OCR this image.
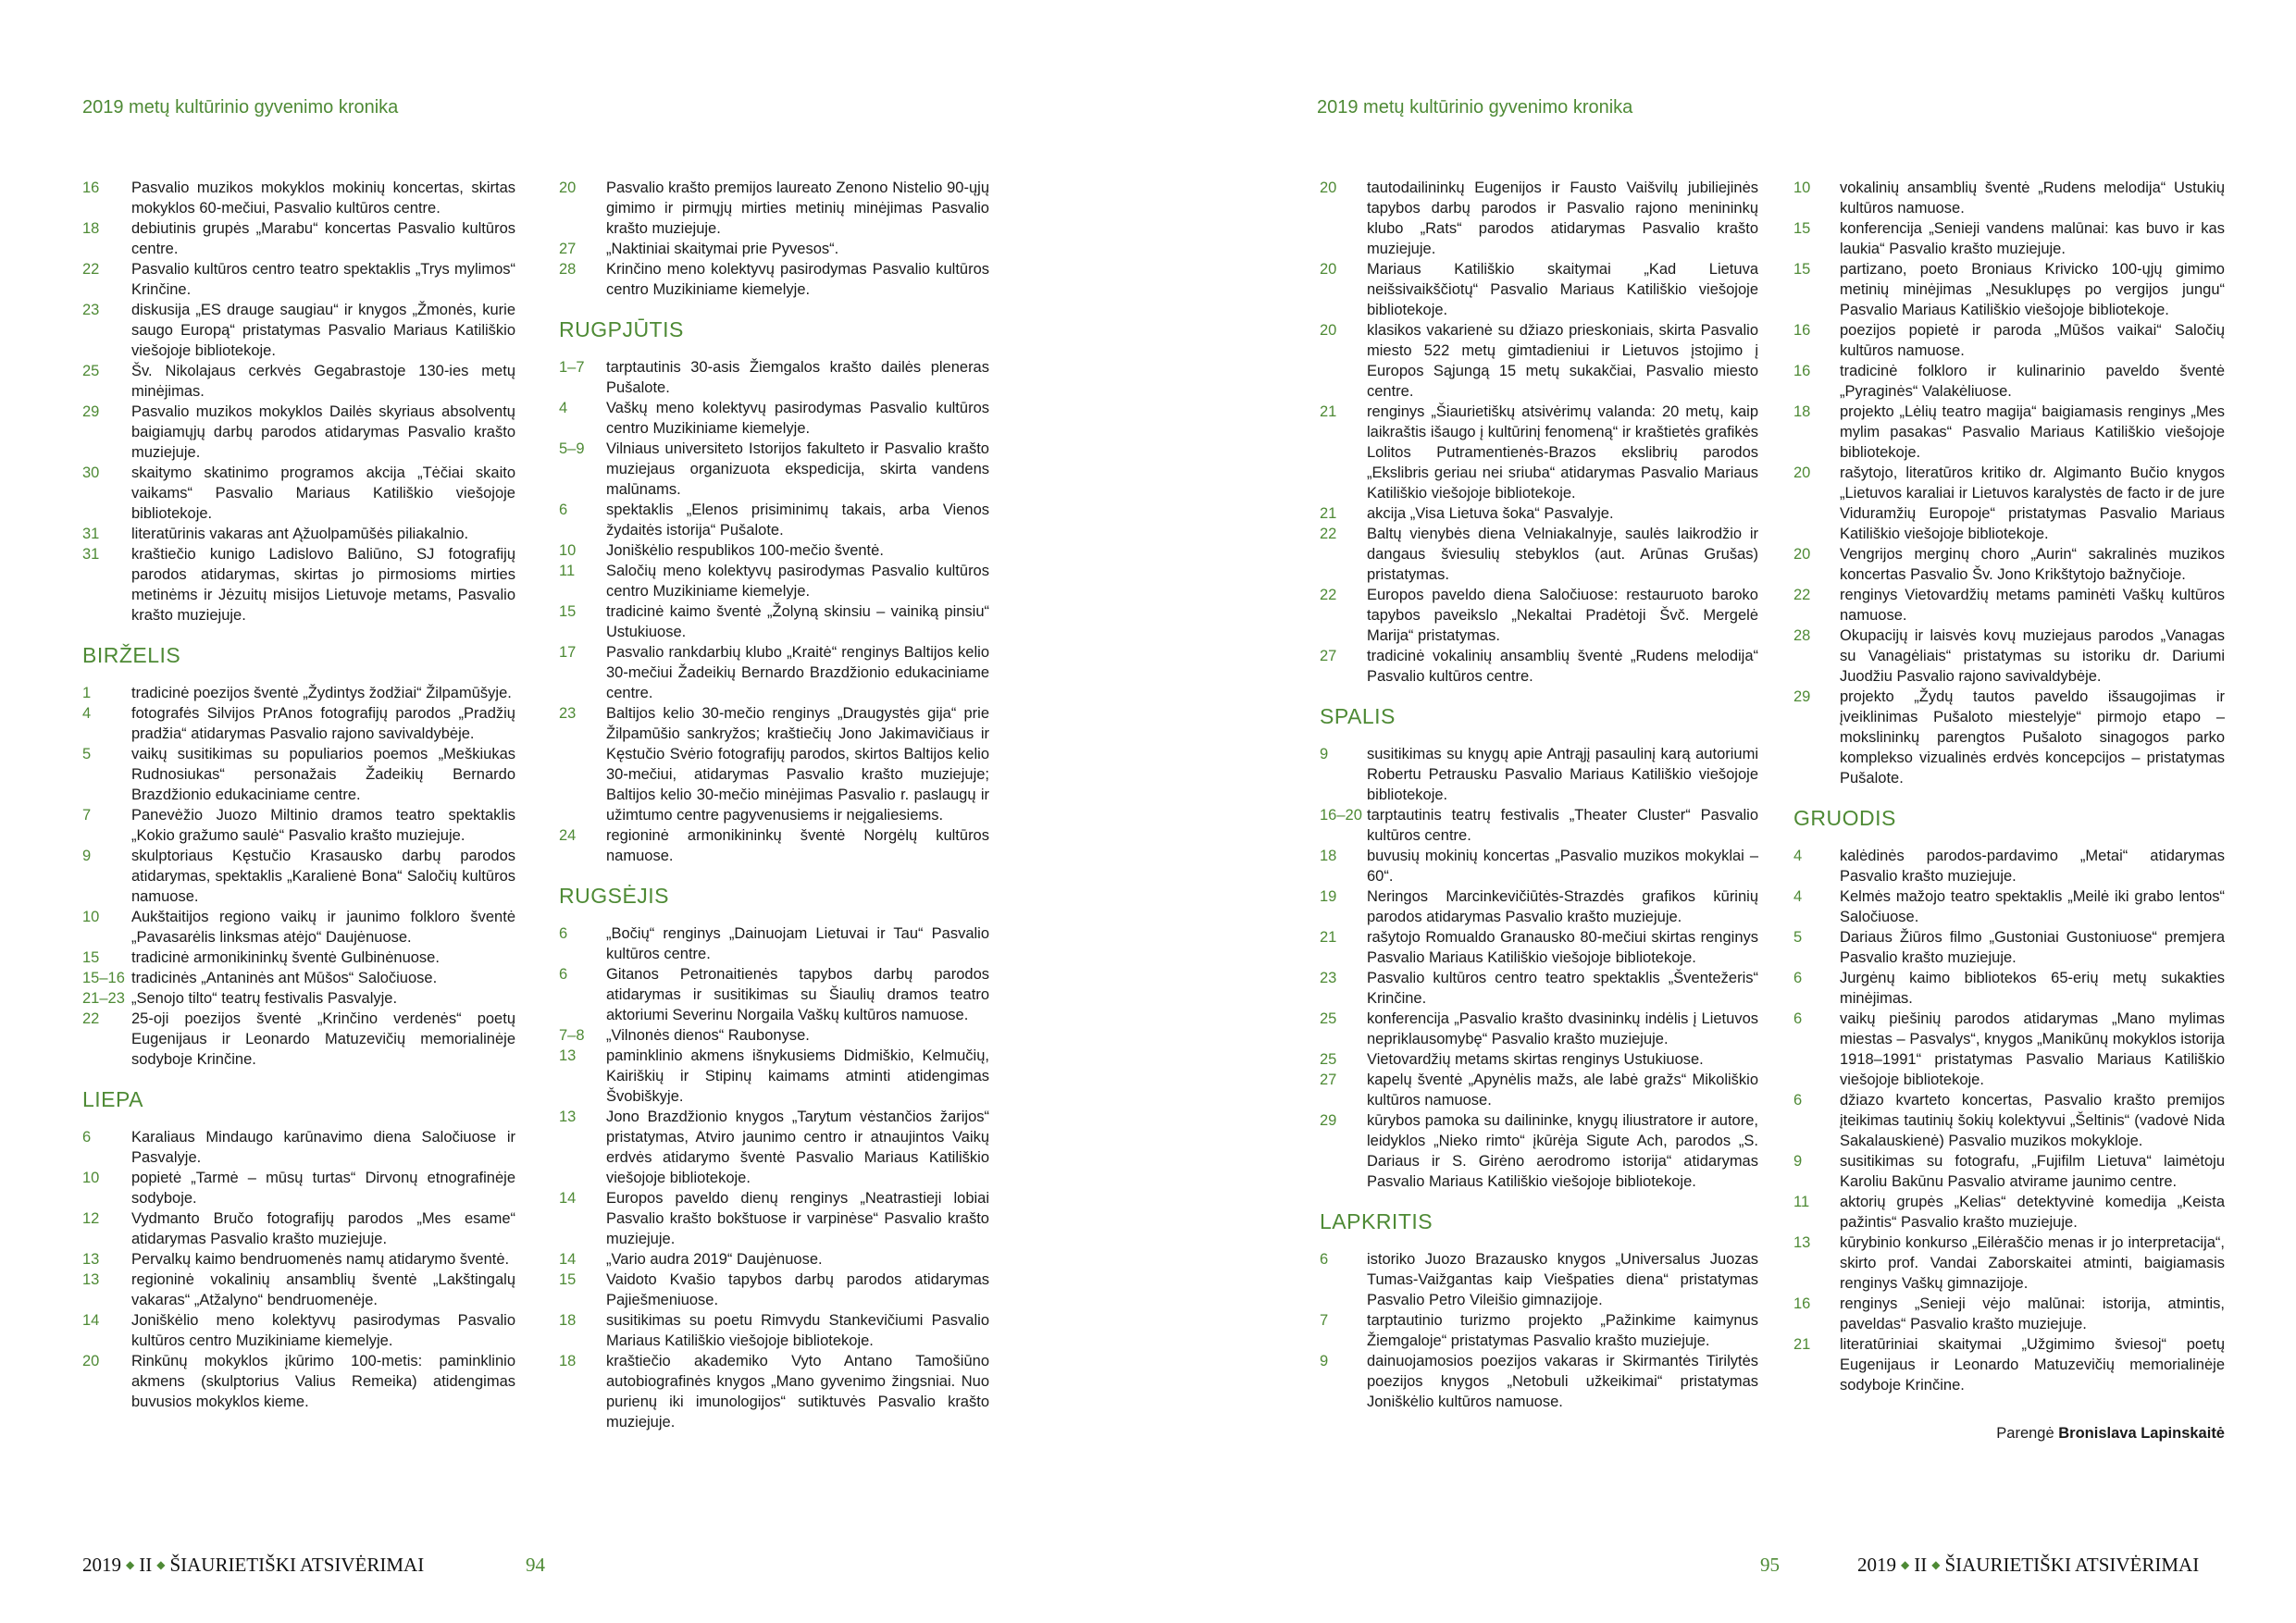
2019 metų kultūrinio gyvenimo kronika	2019 metų kultūrinio gyvenimo kronika
16	Pasvalio muzikos mokyklos mokinių koncertas, skirtas mokyklos 60-mečiui, Pasvalio kultūros centre.
18	debiutinis grupės „Marabu“ koncertas Pasvalio kultūros centre.
22	Pasvalio kultūros centro teatro spektaklis „Trys mylimos“ Krinčine.
23	diskusija „ES drauge saugiau“ ir knygos „Žmonės, kurie saugo Europą“ pristatymas Pasvalio Mariaus Katiliškio viešojoje bibliotekoje.
25	Šv. Nikolajaus cerkvės Gegabrastoje 130-ies metų minėjimas.
29	Pasvalio muzikos mokyklos Dailės skyriaus absolventų baigiamųjų darbų parodos atidarymas Pasvalio krašto muziejuje.
30	skaitymo skatinimo programos akcija „Tėčiai skaito vaikams“ Pasvalio Mariaus Katiliškio viešojoje bibliotekoje.
31	literatūrinis vakaras ant Ąžuolpamūšės piliakalnio.
31	kraštiečio kunigo Ladislovo Baliūno, SJ fotografijų parodos atidarymas, skirtas jo pirmosioms mirties metinėms ir Jėzuitų misijos Lietuvoje metams, Pasvalio krašto muziejuje.
BIRŽELIS
1	tradicinė poezijos šventė „Žydintys žodžiai“ Žilpamūšyje.
4	fotografės Silvijos PrAnos fotografijų parodos „Pradžių pradžia“ atidarymas Pasvalio rajono savivaldybėje.
5	vaikų susitikimas su populiarios poemos „Meškiukas Rudnosiukas“ personažais Žadeikių Bernardo Brazdžionio edukaciniame centre.
7	Panevėžio Juozo Miltinio dramos teatro spektaklis „Kokio gražumo saulė“ Pasvalio krašto muziejuje.
9	skulptoriaus Kęstučio Krasausko darbų parodos atidarymas, spektaklis „Karalienė Bona“ Saločių kultūros namuose.
10	Aukštaitijos regiono vaikų ir jaunimo folkloro šventė „Pavasarėlis linksmas atėjo“ Daujėnuose.
15	tradicinė armonikininkų šventė Gulbinėnuose.
15–16 tradicinės „Antaninės ant Mūšos“ Saločiuose.
21–23 „Senojo tilto“ teatrų festivalis Pasvalyje.
22	25-oji poezijos šventė „Krinčino verdenės“ poetų Eugenijaus ir Leonardo Matuzevičių memorialinėje sodyboje Krinčine.
LIEPA
6	Karaliaus Mindaugo karūnavimo diena Saločiuose ir Pasvalyje.
10	popietė „Tarmė – mūsų turtas“ Dirvonų etnografinėje sodyboje.
12	Vydmanto Bručo fotografijų parodos „Mes esame“ atidarymas Pasvalio krašto muziejuje.
13	Pervalkų kaimo bendruomenės namų atidarymo šventė.
13	regioninė vokalinių ansamblių šventė „Lakštingalų vakaras“ „Atžalyno“ bendruomenėje.
14	Joniškėlio meno kolektyvų pasirodymas Pasvalio kultūros centro Muzikiniame kiemelyje.
20	Rinkūnų mokyklos įkūrimo 100-metis: paminklinio akmens (skulptorius Valius Remeika) atidengimas buvusios mokyklos kieme.
20	Pasvalio krašto premijos laureato Zenono Nistelio 90-ųjų gimimo ir pirmųjų mirties metinių minėjimas Pasvalio krašto muziejuje.
27	„Naktiniai skaitymai prie Pyvesos“.
28	Krinčino meno kolektyvų pasirodymas Pasvalio kultūros centro Muzikiniame kiemelyje.
RUGPJŪTIS
1–7	tarptautinis 30-asis Žiemgalos krašto dailės pleneras Pušalote.
4	Vaškų meno kolektyvų pasirodymas Pasvalio kultūros centro Muzikiniame kiemelyje.
5–9	Vilniaus universiteto Istorijos fakulteto ir Pasvalio krašto muziejaus organizuota ekspedicija, skirta vandens malūnams.
6	spektaklis „Elenos prisiminimų takais, arba Vienos žydaitės istorija“ Pušalote.
10	Joniškėlio respublikos 100-mečio šventė.
11	Saločių meno kolektyvų pasirodymas Pasvalio kultūros centro Muzikiniame kiemelyje.
15	tradicinė kaimo šventė „Žolyną skinsiu – vainiką pinsiu“ Ustukiuose.
17	Pasvalio rankdarbių klubo „Kraitė“ renginys Baltijos kelio 30-mečiui Žadeikių Bernardo Brazdžionio edukaciniame centre.
23	Baltijos kelio 30-mečio renginys „Draugystės gija“ prie Žilpamūšio sankryžos; kraštiečių Jono Jakimavičiaus ir Kęstučio Svėrio fotografijų parodos, skirtos Baltijos kelio 30-mečiui, atidarymas Pasvalio krašto muziejuje; Baltijos kelio 30-mečio minėjimas Pasvalio r. paslaugų ir užimtumo centre pagyvenusiems ir neįgaliesiems.
24	regioninė armonikininkų šventė Norgėlų kultūros namuose.
RUGSĖJIS
6	„Bočių“ renginys „Dainuojam Lietuvai ir Tau“ Pasvalio kultūros centre.
6	Gitanos Petronaitienės tapybos darbų parodos atidarymas ir susitikimas su Šiaulių dramos teatro aktoriumi Severinu Norgaila Vaškų kultūros namuose.
7–8	„Vilnonės dienos“ Raubonyse.
13	paminklinio akmens išnykusiems Didmiškio, Kelmučių, Kairiškių ir Stipinų kaimams atminti atidengimas Švobiškyje.
13	Jono Brazdžionio knygos „Tarytum vėstančios žarijos“ pristatymas, Atviro jaunimo centro ir atnaujintos Vaikų erdvės atidarymo šventė Pasvalio Mariaus Katiliškio viešojoje bibliotekoje.
14	Europos paveldo dienų renginys „Neatrastieji lobiai Pasvalio krašto bokštuose ir varpinėse“ Pasvalio krašto muziejuje.
14	„Vario audra 2019“ Daujėnuose.
15	Vaidoto Kvašio tapybos darbų parodos atidarymas Pajiešmeniuose.
18	susitikimas su poetu Rimvydu Stankevičiumi Pasvalio Mariaus Katiliškio viešojoje bibliotekoje.
18	kraštiečio akademiko Vyto Antano Tamošiūno autobiografinės knygos „Mano gyvenimo žingsniai. Nuo purienų iki imunologijos“ sutiktuvės Pasvalio krašto muziejuje.
20	tautodailininkų Eugenijos ir Fausto Vaišvilų jubiliejinės tapybos darbų parodos ir Pasvalio rajono menininkų klubo „Rats“ parodos atidarymas Pasvalio krašto muziejuje.
20	Mariaus Katiliškio skaitymai „Kad Lietuva neišsivaikščiotų“ Pasvalio Mariaus Katiliškio viešojoje bibliotekoje.
20	klasikos vakarienė su džiazo prieskoniais, skirta Pasvalio miesto 522 metų gimtadieniui ir Lietuvos įstojimo į Europos Sąjungą 15 metų sukakčiai, Pasvalio miesto centre.
21	renginys „Šiaurietiškų atsivėrimų valanda: 20 metų, kaip laikraštis išaugo į kultūrinį fenomeną“ ir kraštietės grafikės Lolitos Putramentienės-Brazos ekslibrių parodos „Ekslibris geriau nei sriuba“ atidarymas Pasvalio Mariaus Katiliškio viešojoje bibliotekoje.
21	akcija „Visa Lietuva šoka“ Pasvalyje.
22	Baltų vienybės diena Velniakalnyje, saulės laikrodžio ir dangaus šviesulių stebyklos (aut. Arūnas Grušas) pristatymas.
22	Europos paveldo diena Saločiuose: restauruoto baroko tapybos paveikslo „Nekaltai Pradėtoji Švč. Mergelė Marija“ pristatymas.
27	tradicinė vokalinių ansamblių šventė „Rudens melodija“ Pasvalio kultūros centre.
SPALIS
9	susitikimas su knygų apie Antrąjį pasaulinį karą autoriumi Robertu Petrausku Pasvalio Mariaus Katiliškio viešojoje bibliotekoje.
16–20 tarptautinis teatrų festivalis „Theater Cluster“ Pasvalio kultūros centre.
18	buvusių mokinių koncertas „Pasvalio muzikos mokyklai – 60“.
19	Neringos Marcinkevičiūtės-Strazdės grafikos kūrinių parodos atidarymas Pasvalio krašto muziejuje.
21	rašytojo Romualdo Granausko 80-mečiui skirtas renginys Pasvalio Mariaus Katiliškio viešojoje bibliotekoje.
23	Pasvalio kultūros centro teatro spektaklis „Šventežeris“ Krinčine.
25	konferencija „Pasvalio krašto dvasininkų indėlis į Lietuvos nepriklausomybę“ Pasvalio krašto muziejuje.
25	Vietovardžių metams skirtas renginys Ustukiuose.
27	kapelų šventė „Apynėlis mažs, ale labė gražs“ Mikoliškio kultūros namuose.
29	kūrybos pamoka su dailininke, knygų iliustratore ir autore, leidyklos „Nieko rimto“ įkūrėja Sigute Ach, parodos „S. Dariaus ir S. Girėno aerodromo istorija“ atidarymas Pasvalio Mariaus Katiliškio viešojoje bibliotekoje.
LAPKRITIS
6	istoriko Juozo Brazausko knygos „Universalus Juozas Tumas-Vaižgantas kaip Viešpaties diena“ pristatymas Pasvalio Petro Vileišio gimnazijoje.
7	tarptautinio turizmo projekto „Pažinkime kaimynus Žiemgaloje“ pristatymas Pasvalio krašto muziejuje.
9	dainuojamosios poezijos vakaras ir Skirmantės Tirilytės poezijos knygos „Netobuli užkeikimai“ pristatymas Joniškėlio kultūros namuose.
10	vokalinių ansamblių šventė „Rudens melodija“ Ustukių kultūros namuose.
15	konferencija „Senieji vandens malūnai: kas buvo ir kas laukia“ Pasvalio krašto muziejuje.
15	partizano, poeto Broniaus Krivicko 100-ųjų gimimo metinių minėjimas „Nesuklupęs po vergijos jungu“ Pasvalio Mariaus Katiliškio viešojoje bibliotekoje.
16	poezijos popietė ir paroda „Mūšos vaikai“ Saločių kultūros namuose.
16	tradicinė folkloro ir kulinarinio paveldo šventė „Pyraginės“ Valakėliuose.
18	projekto „Lėlių teatro magija“ baigiamasis renginys „Mes mylim pasakas“ Pasvalio Mariaus Katiliškio viešojoje bibliotekoje.
20	rašytojo, literatūros kritiko dr. Algimanto Bučio knygos „Lietuvos karaliai ir Lietuvos karalystės de facto ir de jure Viduramžių Europoje“ pristatymas Pasvalio Mariaus Katiliškio viešojoje bibliotekoje.
20	Vengrijos merginų choro „Aurin“ sakralinės muzikos koncertas Pasvalio Šv. Jono Krikštytojo bažnyčioje.
22	renginys Vietovardžių metams paminėti Vaškų kultūros namuose.
28	Okupacijų ir laisvės kovų muziejaus parodos „Vanagas su Vanagėliais“ pristatymas su istoriku dr. Dariumi Juodžiu Pasvalio rajono savivaldybėje.
29	projekto „Žydų tautos paveldo išsaugojimas ir įveiklinimas Pušaloto miestelyje“ pirmojo etapo – mokslininkų parengtos Pušaloto sinagogos parko komplekso vizualinės erdvės koncepcijos – pristatymas Pušalote.
GRUODIS
4	kalėdinės parodos-pardavimo „Metai“ atidarymas Pasvalio krašto muziejuje.
4	Kelmės mažojo teatro spektaklis „Meilė iki grabo lentos“ Saločiuose.
5	Dariaus Žiūros filmo „Gustoniai Gustoniuose“ premjera Pasvalio krašto muziejuje.
6	Jurgėnų kaimo bibliotekos 65-erių metų sukakties minėjimas.
6	vaikų piešinių parodos atidarymas „Mano mylimas miestas – Pasvalys“, knygos „Manikūnų mokyklos istorija 1918–1991“ pristatymas Pasvalio Mariaus Katiliškio viešojoje bibliotekoje.
6	džiazo kvarteto koncertas, Pasvalio krašto premijos įteikimas tautinių šokių kolektyvui „Šeltinis“ (vadovė Nida Sakalauskienė) Pasvalio muzikos mokykloje.
9	susitikimas su fotografu, „Fujifilm Lietuva“ laimėtoju Karoliu Bakūnu Pasvalio atvirame jaunimo centre.
11	aktorių grupės „Kelias“ detektyvinė komedija „Keista pažintis“ Pasvalio krašto muziejuje.
13	kūrybinio konkurso „Eilėraščio menas ir jo interpretacija“, skirto prof. Vandai Zaborskaitei atminti, baigiamasis renginys Vaškų gimnazijoje.
16	renginys „Senieji vėjo malūnai: istorija, atmintis, paveldas“ Pasvalio krašto muziejuje.
21	literatūriniai skaitymai „Užgimimo šviesoj“ poetų Eugenijaus ir Leonardo Matuzevičių memorialinėje sodyboje Krinčine.
Parengė Bronislava Lapinskaitė
2019 ◆ II ◆ ŠIAURIETIŠKI ATSIVĖRIMAI	94	95	2019 ◆ II ◆ ŠIAURIETIŠKI ATSIVĖRIMAI
